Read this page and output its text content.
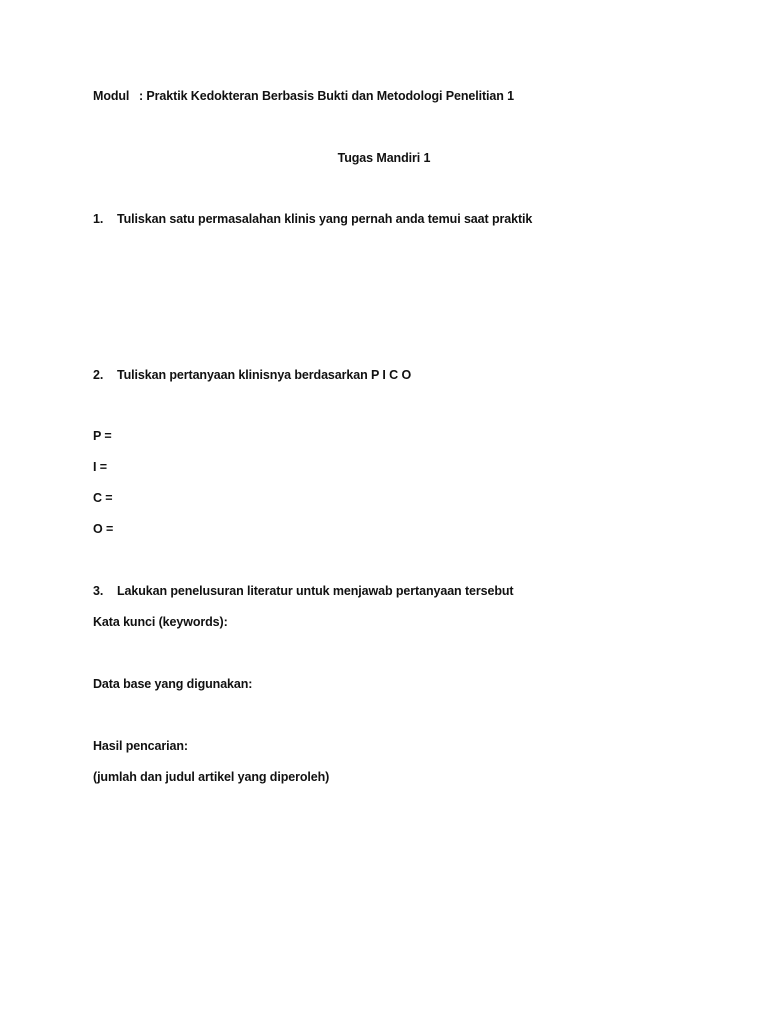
Modul : Praktik Kedokteran Berbasis Bukti dan Metodologi Penelitian 1
Tugas Mandiri 1
1. Tuliskan satu permasalahan klinis yang pernah anda temui saat praktik
2. Tuliskan pertanyaan klinisnya berdasarkan P I C O
P =
I =
C =
O =
3. Lakukan penelusuran literatur untuk menjawab pertanyaan tersebut
Kata kunci (keywords):
Data base yang digunakan:
Hasil pencarian:
(jumlah dan judul artikel yang diperoleh)
